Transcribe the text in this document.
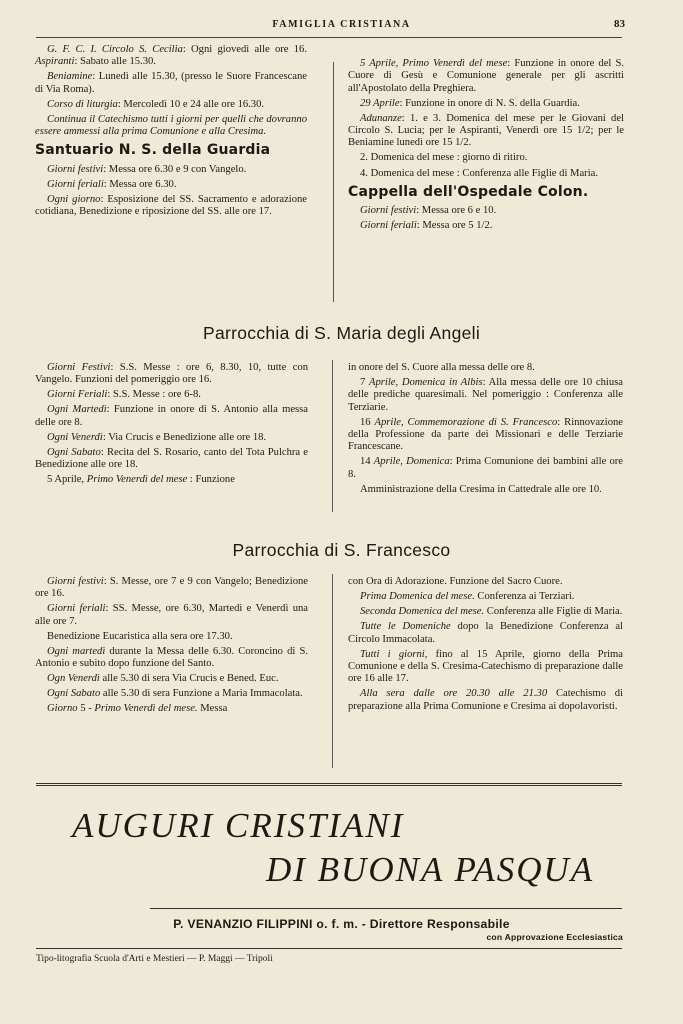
FAMIGLIA CRISTIANA	83

G. F. C. I. Circolo S. Cecilia: Ogni giovedì alle ore 16. Aspiranti: Sabato alle 15.30.

Beniamine: Lunedì alle 15.30, (presso le Suore Francescane di Via Roma).

Corso di liturgia: Mercoledì 10 e 24 alle ore 16.30.

Continua il Catechismo tutti i giorni per quelli che dovranno essere ammessi alla prima Comunione e alla Cresima.

Santuario N. S. della Guardia

Giorni festivi: Messa ore 6.30 e 9 con Vangelo.

Giorni feriali: Messa ore 6.30.

Ogni giorno: Esposizione del SS. Sacramento e adorazione cotidiana, Benedizione e riposizione del SS. alle ore 17.

5 Aprile, Primo Venerdì del mese: Funzione in onore del S. Cuore di Gesù e Comunione generale per gli ascritti all'Apostolato della Preghiera.

29 Aprile: Funzione in onore di N. S. della Guardia.

Adunanze: 1. e 3. Domenica del mese per le Giovani del Circolo S. Lucia; per le Aspiranti, Venerdì ore 15 1/2; per le Beniamine lunedì ore 15 1/2.

2. Domenica del mese : giorno di ritiro.

4. Domenica del mese : Conferenza alle Figlie di Maria.

Cappella dell'Ospedale Colon.

Giorni festivi: Messa ore 6 e 10.

Giorni feriali: Messa ore 5 1/2.

Parrocchia di S. Maria degli Angeli

Giorni Festivi: S.S. Messe : ore 6, 8.30, 10, tutte con Vangelo. Funzioni del pomeriggio ore 16.

Giorni Feriali: S.S. Messe : ore 6-8.

Ogni Martedì: Funzione in onore di S. Antonio alla messa delle ore 8.

Ogni Venerdì: Via Crucis e Benedizione alle ore 18.

Ogni Sabato: Recita del S. Rosario, canto del Tota Pulchra e Benedizione alle ore 18.

5 Aprile, Primo Venerdì del mese : Funzione

in onore del S. Cuore alla messa delle ore 8.

7 Aprile, Domenica in Albis: Alla messa delle ore 10 chiusa delle prediche quaresimali. Nel pomeriggio : Conferenza alle Terziarie.

16 Aprile, Commemorazione di S. Francesco: Rinnovazione della Professione da parte dei Missionari e delle Terziarie Francescane.

14 Aprile, Domenica: Prima Comunione dei bambini alle ore 8.

Amministrazione della Cresima in Cattedrale alle ore 10.

Parrocchia di S. Francesco

Giorni festivi: S. Messe, ore 7 e 9 con Vangelo; Benedizione ore 16.

Giorni feriali: SS. Messe, ore 6.30, Martedì e Venerdì una alle ore 7.

Benedizione Eucaristica alla sera ore 17.30.

Ogni martedì durante la Messa delle 6.30. Coroncino di S. Antonio e subito dopo funzione del Santo.

Ogn Venerdì alle 5.30 di sera Via Crucis e Bened. Euc.

Ogni Sabato alle 5.30 di sera Funzione a Maria Immacolata.

Giorno 5 - Primo Venerdì del mese. Messa

con Ora di Adorazione. Funzione del Sacro Cuore.

Prima Domenica del mese. Conferenza ai Terziari.

Seconda Domenica del mese. Conferenza alle Figlie di Maria.

Tutte le Domeniche dopo la Benedizione Conferenza al Circolo Immacolata.

Tutti i giorni, fino al 15 Aprile, giorno della Prima Comunione e della S. Cresima-Catechismo di preparazione dalle ore 16 alle 17.

Alla sera dalle ore 20.30 alle 21.30 Catechismo di preparazione alla Prima Comunione e Cresima ai dopolavoristi.

AUGURI CRISTIANI
DI BUONA PASQUA
P. VENANZIO FILIPPINI o. f. m. - Direttore Responsabile
con Approvazione Ecclesiastica
Tipo-litografia Scuola d'Arti e Mestieri — P. Maggi — Tripoli
